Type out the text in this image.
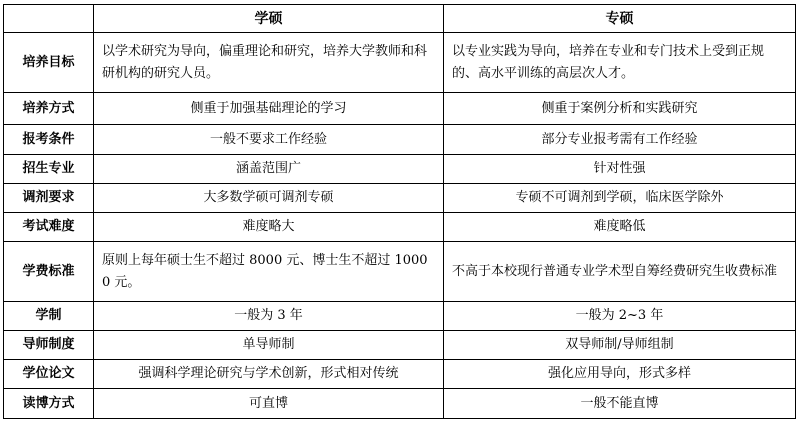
	学硕	专硕
培养目标	以学术研究为导向，偏重理论和研究，培养大学教师和科研机构的研究人员。	以专业实践为导向，培养在专业和专门技术上受到正规的、高水平训练的高层次人才。
培养方式	侧重于加强基础理论的学习	侧重于案例分析和实践研究
报考条件	一般不要求工作经验	部分专业报考需有工作经验
招生专业	涵盖范围广	针对性强
调剂要求	大多数学硕可调剂专硕	专硕不可调剂到学硕，临床医学除外
考试难度	难度略大	难度略低
学费标准	原则上每年硕士生不超过 8000 元、博士生不超过 10000 元。	不高于本校现行普通专业学术型自筹经费研究生收费标准
学制	一般为 3 年	一般为 2~3 年
导师制度	单导师制	双导师制/导师组制
学位论文	强调科学理论研究与学术创新，形式相对传统	强化应用导向，形式多样
读博方式	可直博	一般不能直博
